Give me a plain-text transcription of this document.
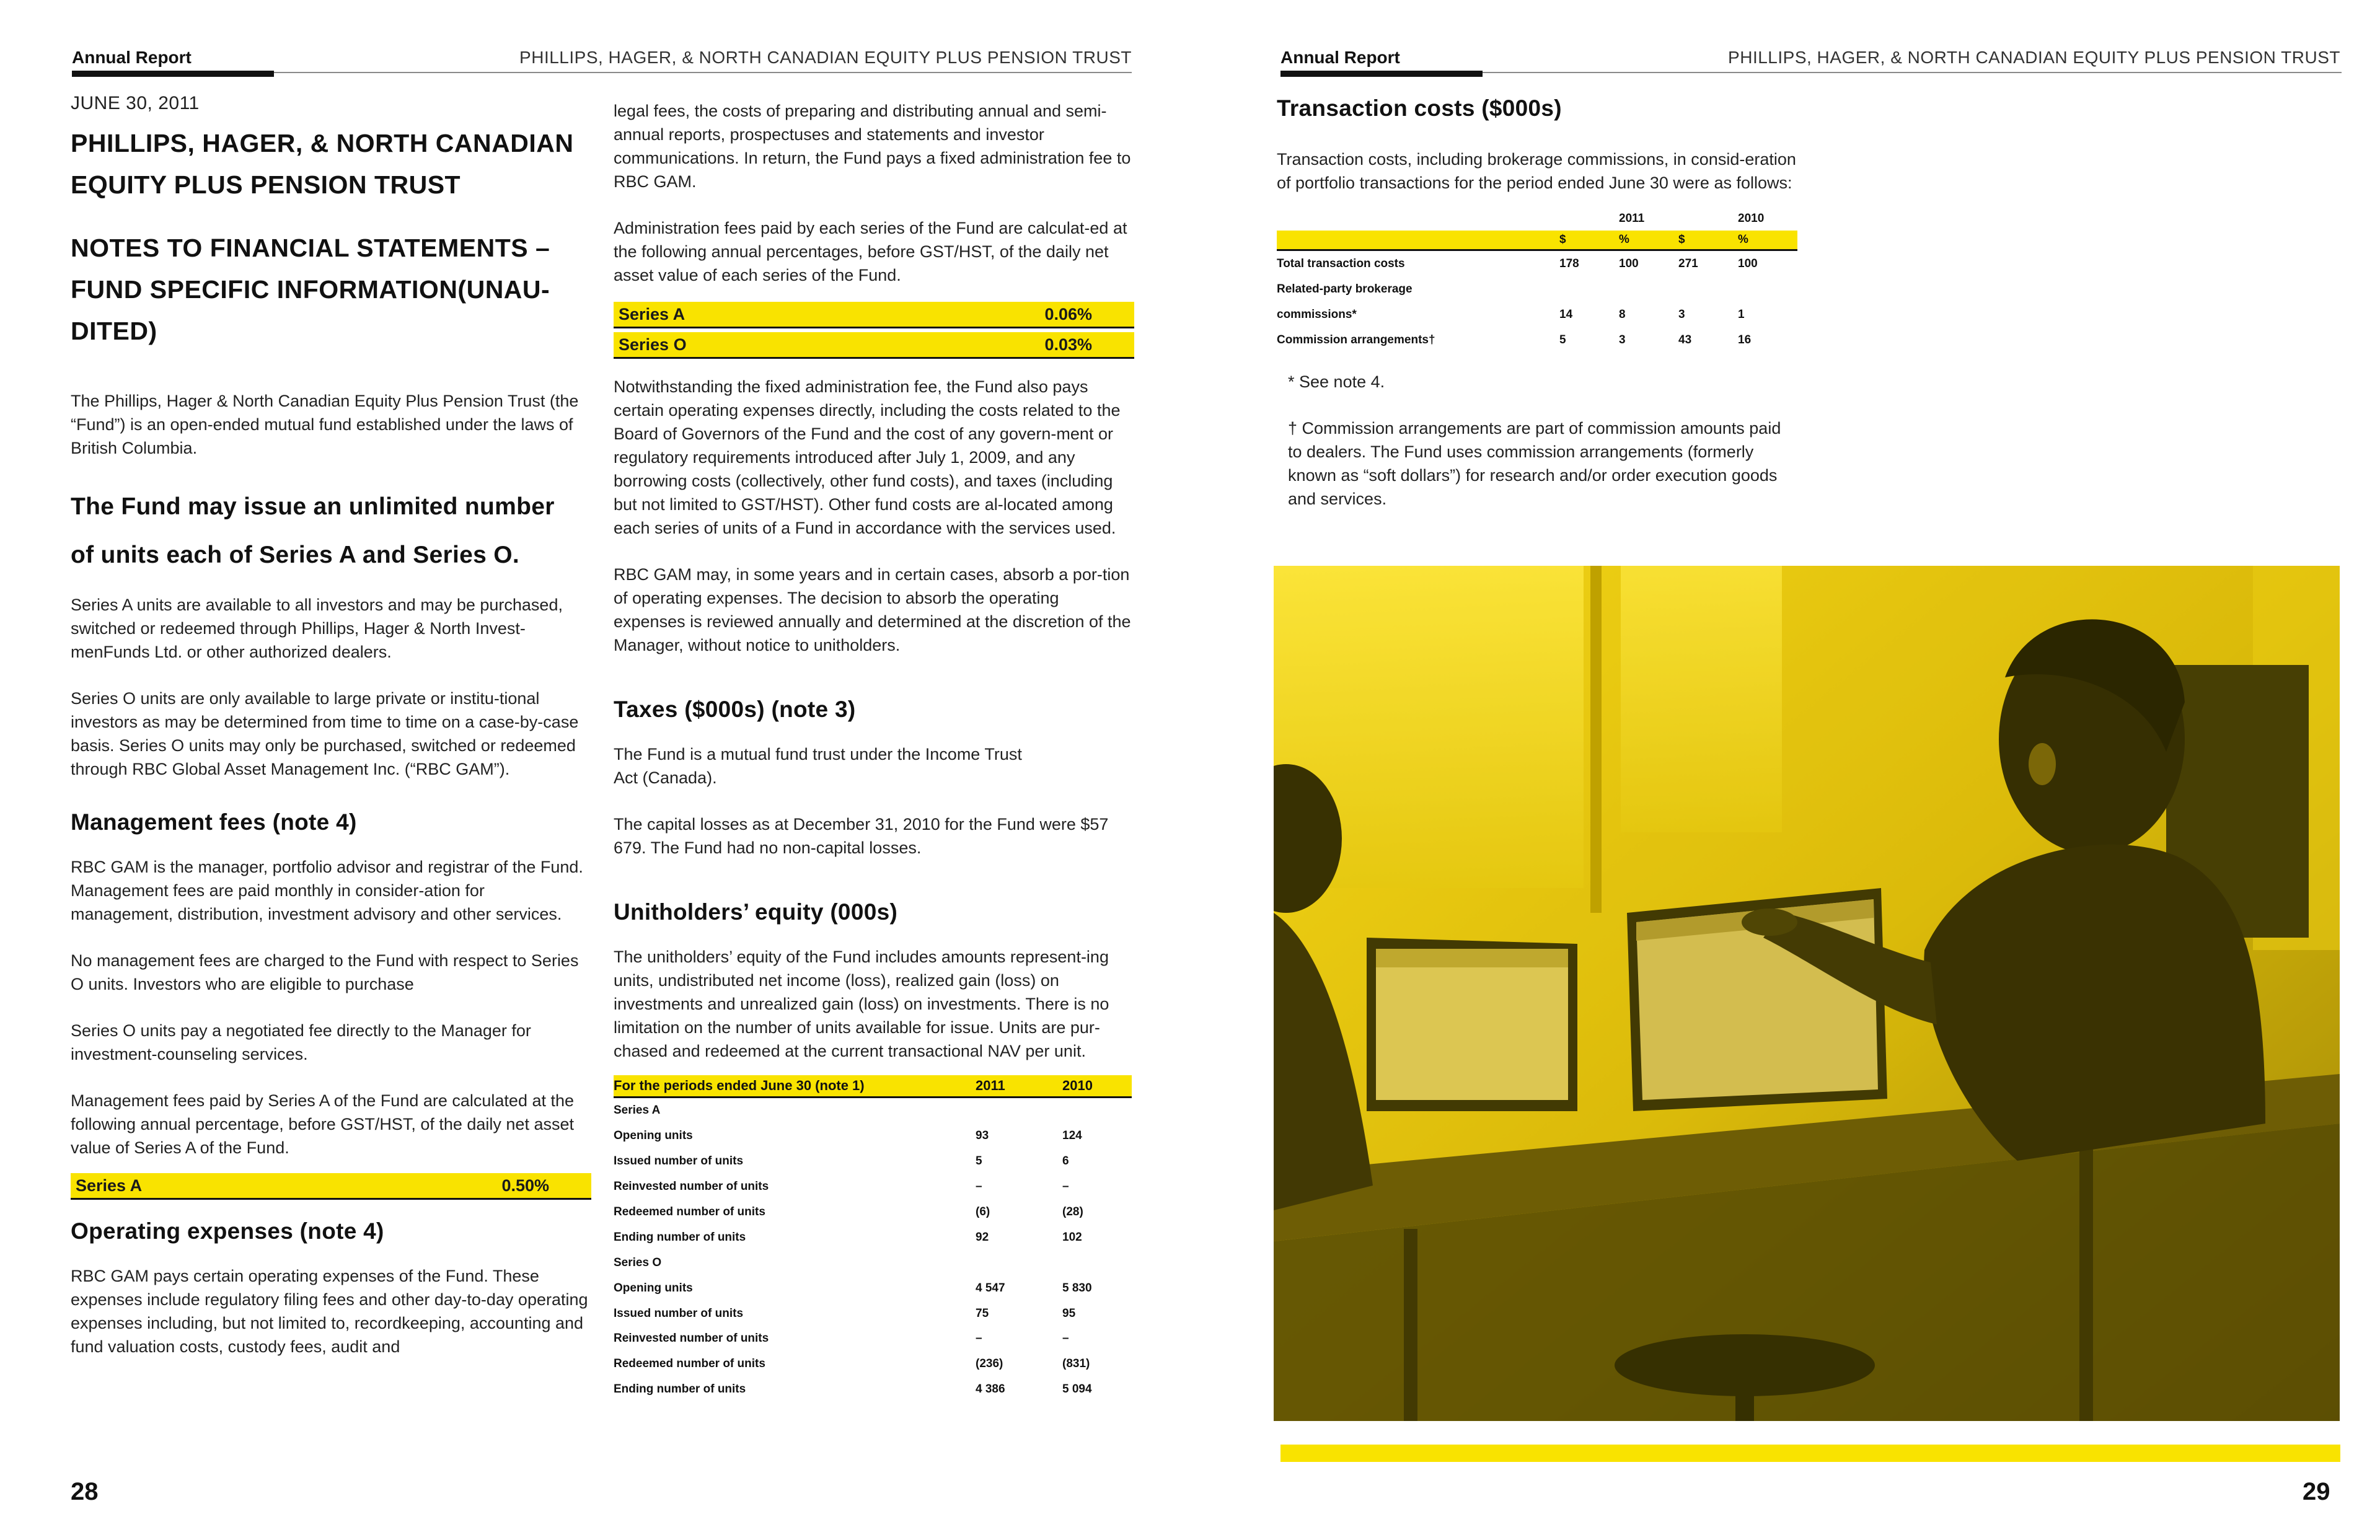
Annual Report	PHILLIPS, HAGER, & NORTH CANADIAN EQUITY PLUS PENSION TRUST
JUNE 30, 2011
PHILLIPS, HAGER, & NORTH CANADIAN
EQUITY PLUS PENSION TRUST
NOTES TO FINANCIAL STATEMENTS –
FUND SPECIFIC INFORMATION(UNAU-
DITED)

The Phillips, Hager & North Canadian Equity Plus Pension Trust (the “Fund”) is an open-ended mutual fund established under the laws of British Columbia.

The Fund may issue an unlimited number
of units each of Series A and Series O.

Series A units are available to all investors and may be purchased, switched or redeemed through Phillips, Hager & North Invest-menFunds Ltd. or other authorized dealers.

Series O units are only available to large private or institu-tional investors as may be determined from time to time on a case-by-case basis. Series O units may only be purchased, switched or redeemed through RBC Global Asset Management Inc. (“RBC GAM”).

Management fees (note 4)

RBC GAM is the manager, portfolio advisor and registrar of the Fund. Management fees are paid monthly in consider-ation for management, distribution, investment advisory and other services.

No management fees are charged to the Fund with respect to Series O units. Investors who are eligible to purchase

Series O units pay a negotiated fee directly to the Manager for investment-counseling services.

Management fees paid by Series A of the Fund are calculated at the following annual percentage, before GST/HST, of the daily net asset value of Series A of the Fund.

Series A	0.50%
Operating expenses (note 4)

RBC GAM pays certain operating expenses of the Fund. These expenses include regulatory filing fees and other day-to-day operating expenses including, but not limited to, recordkeeping, accounting and fund valuation costs, custody fees, audit and

legal fees, the costs of preparing and distributing annual and semi-annual reports, prospectuses and statements and investor communications. In return, the Fund pays a fixed administration fee to RBC GAM.

Administration fees paid by each series of the Fund are calculat-ed at the following annual percentages, before GST/HST, of the daily net asset value of each series of the Fund.

Series A	0.06%
Series O	0.03%

Notwithstanding the fixed administration fee, the Fund also pays certain operating expenses directly, including the costs related to the Board of Governors of the Fund and the cost of any govern-ment or regulatory requirements introduced after July 1, 2009, and any borrowing costs (collectively, other fund costs), and taxes (including but not limited to GST/HST). Other fund costs are al-located among each series of units of a Fund in accordance with the services used.

RBC GAM may, in some years and in certain cases, absorb a por-tion of operating expenses. The decision to absorb the operating expenses is reviewed annually and determined at the discretion of the Manager, without notice to unitholders.

Taxes ($000s) (note 3)

The Fund is a mutual fund trust under the Income Trust Act (Canada).

The capital losses as at December 31, 2010 for the Fund were $57 679. The Fund had no non-capital losses.

Unitholders’ equity (000s)

The unitholders’ equity of the Fund includes amounts represent-ing units, undistributed net income (loss), realized gain (loss) on investments and unrealized gain (loss) on investments. There is no limitation on the number of units available for issue. Units are pur-chased and redeemed at the current transactional NAV per unit.

For the periods ended June 30 (note 1)	2011	2010
Series A		
Opening units	93	124
Issued number of units	5	6
Reinvested number of units	–	–
Redeemed number of units	(6)	(28)
Ending number of units	92	102
Series O		
Opening units	4 547	5 830
Issued number of units	75	95
Reinvested number of units	–	–
Redeemed number of units	(236)	(831)
Ending number of units	4 386	5 094
28
Annual Report	PHILLIPS, HAGER, & NORTH CANADIAN EQUITY PLUS PENSION TRUST
Transaction costs ($000s)

Transaction costs, including brokerage commissions, in consid-eration of portfolio transactions for the period ended June 30 were as follows:

		2011		2010
	$	%	$	%
Total transaction costs	178	100	271	100
Related-party brokerage				
commissions*	14	8	3	1
Commission arrangements†	5	3	43	16

* See note 4.

† Commission arrangements are part of commission amounts paid to dealers. The Fund uses commission arrangements (formerly known as “soft dollars”) for research and/or order execution goods and services.

29
